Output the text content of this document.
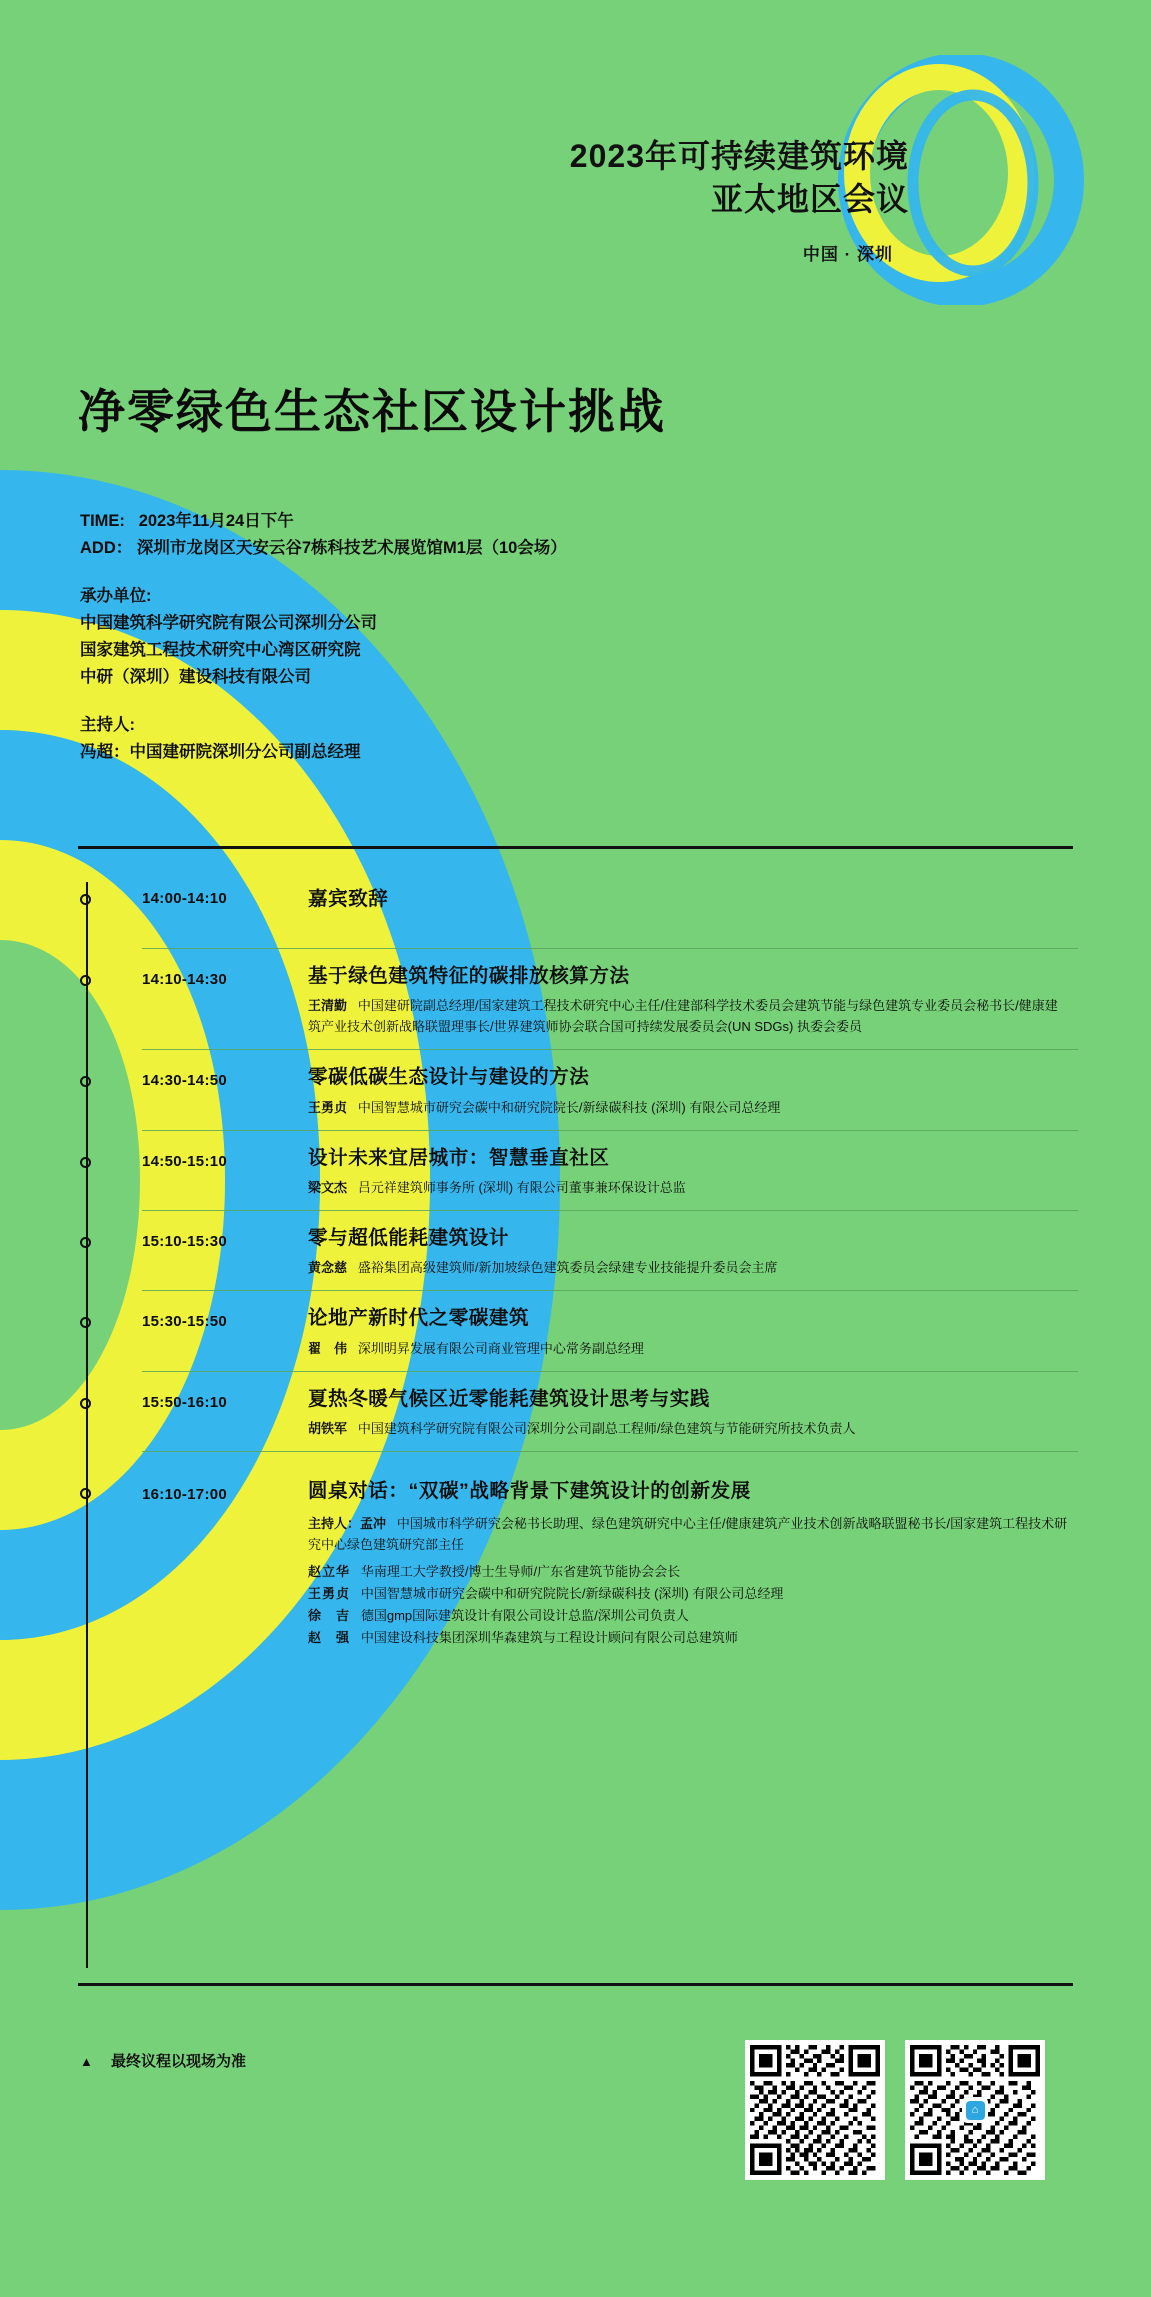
2023年可持续建筑环境
亚太地区会议
中国 · 深圳
净零绿色生态社区设计挑战
TIME: 2023年11月24日下午
ADD： 深圳市龙岗区天安云谷7栋科技艺术展览馆M1层（10会场）
承办单位:
中国建筑科学研究院有限公司深圳分公司
国家建筑工程技术研究中心湾区研究院
中研（深圳）建设科技有限公司
主持人:
冯超：中国建研院深圳分公司副总经理
14:00-14:10	嘉宾致辞
14:10-14:30	基于绿色建筑特征的碳排放核算方法
王清勤 中国建研院副总经理/国家建筑工程技术研究中心主任/住建部科学技术委员会建筑节能与绿色建筑专业委员会秘书长/健康建筑产业技术创新战略联盟理事长/世界建筑师协会联合国可持续发展委员会(UN SDGs) 执委会委员
14:30-14:50	零碳低碳生态设计与建设的方法
王勇贞 中国智慧城市研究会碳中和研究院院长/新绿碳科技 (深圳) 有限公司总经理
14:50-15:10	设计未来宜居城市：智慧垂直社区
梁文杰 吕元祥建筑师事务所 (深圳) 有限公司董事兼环保设计总监
15:10-15:30	零与超低能耗建筑设计
黄念慈 盛裕集团高级建筑师/新加坡绿色建筑委员会绿建专业技能提升委员会主席
15:30-15:50	论地产新时代之零碳建筑
翟　伟 深圳明昇发展有限公司商业管理中心常务副总经理
15:50-16:10	夏热冬暖气候区近零能耗建筑设计思考与实践
胡铁军 中国建筑科学研究院有限公司深圳分公司副总工程师/绿色建筑与节能研究所技术负责人
16:10-17:00	圆桌对话：“双碳”战略背景下建筑设计的创新发展
主持人：孟冲 中国城市科学研究会秘书长助理、绿色建筑研究中心主任/健康建筑产业技术创新战略联盟秘书长/国家建筑工程技术研究中心绿色建筑研究部主任
赵立华 华南理工大学教授/博士生导师/广东省建筑节能协会会长
王勇贞 中国智慧城市研究会碳中和研究院院长/新绿碳科技 (深圳) 有限公司总经理
徐　吉 德国gmp国际建筑设计有限公司设计总监/深圳公司负责人
赵　强 中国建设科技集团深圳华森建筑与工程设计顾问有限公司总建筑师
▲ 最终议程以现场为准
⌂
